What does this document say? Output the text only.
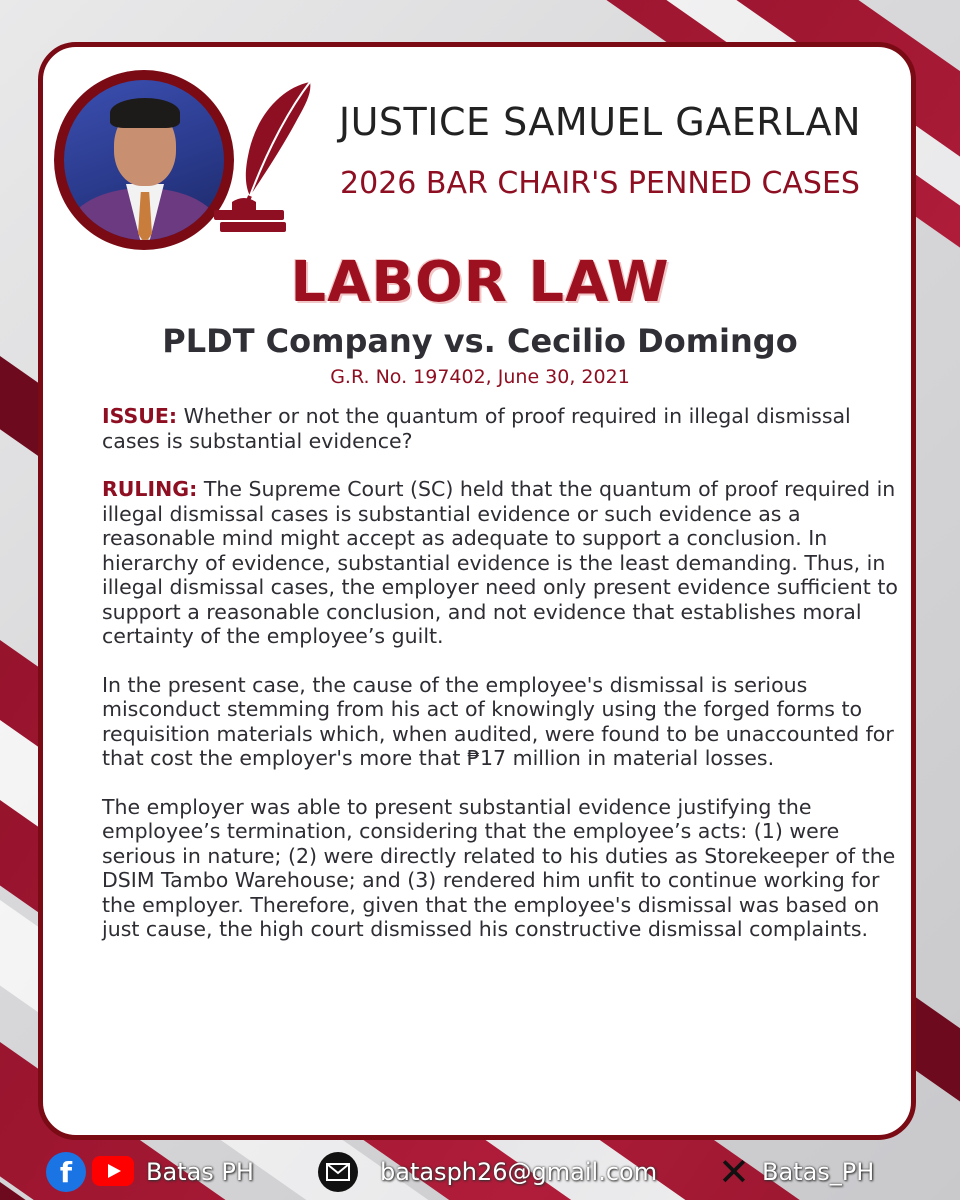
JUSTICE SAMUEL GAERLAN
2026 BAR CHAIR'S PENNED CASES
LABOR LAW
PLDT Company vs. Cecilio Domingo
G.R. No. 197402, June 30, 2021

ISSUE: Whether or not the quantum of proof required in illegal dismissal cases is substantial evidence?

RULING: The Supreme Court (SC) held that the quantum of proof required in illegal dismissal cases is substantial evidence or such evidence as a reasonable mind might accept as adequate to support a conclusion. In hierarchy of evidence, substantial evidence is the least demanding. Thus, in illegal dismissal cases, the employer need only present evidence sufficient to support a reasonable conclusion, and not evidence that establishes moral certainty of the employee’s guilt.

In the present case, the cause of the employee's dismissal is serious misconduct stemming from his act of knowingly using the forged forms to requisition materials which, when audited, were found to be unaccounted for that cost the employer's more that ₱17 million in material losses.

The employer was able to present substantial evidence justifying the employee’s termination, considering that the employee’s acts: (1) were serious in nature; (2) were directly related to his duties as Storekeeper of the DSIM Tambo Warehouse; and (3) rendered him unfit to continue working for the employer. Therefore, given that the employee's dismissal was based on just cause, the high court dismissed his constructive dismissal complaints.

f	Batas PH	batasph26@gmail.com ✕ Batas_PH
